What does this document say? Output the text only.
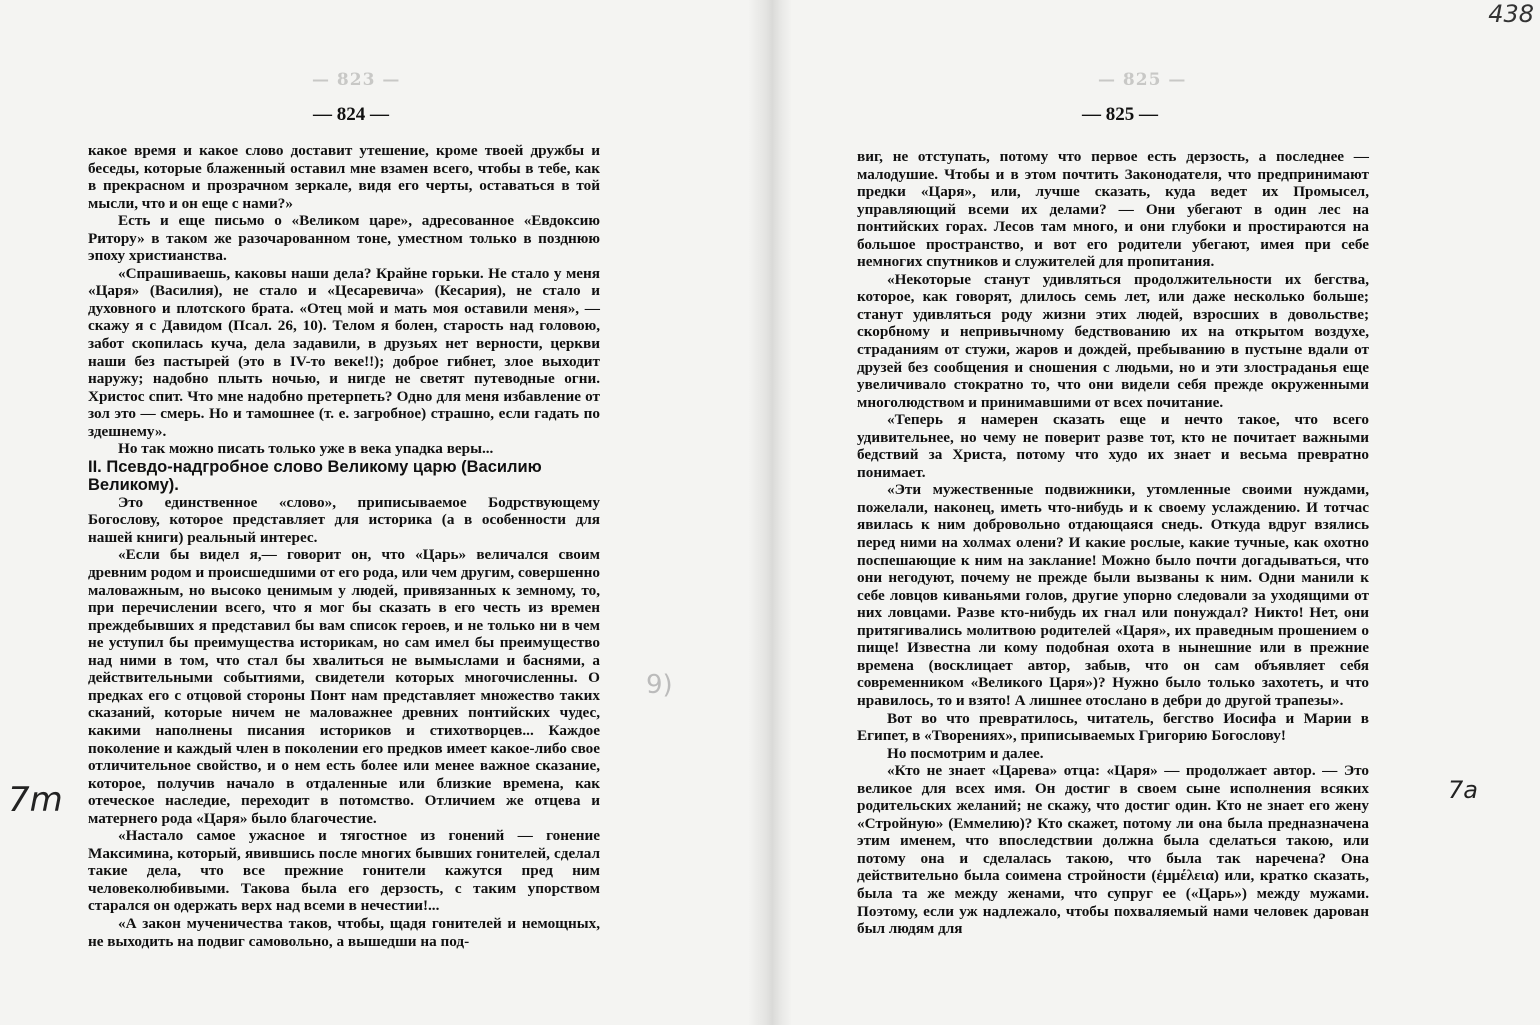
— 823 —
— 824 —

какое время и какое слово доставит утешение, кроме твоей дружбы и беседы, которые блаженный оставил мне взамен всего, чтобы в тебе, как в прекрасном и прозрачном зеркале, видя его черты, оставаться в той мысли, что и он еще с нами?»

Есть и еще письмо о «Великом царе», адресованное «Евдоксию Ритору» в таком же разочарованном тоне, уместном только в позднюю эпоху христианства.

«Спрашиваешь, каковы наши дела? Крайне горьки. Не стало у меня «Царя» (Василия), не стало и «Цесаревича» (Кесария), не стало и духовного и плотского брата. «Отец мой и мать моя оставили меня», — скажу я с Давидом (Псал. 26, 10). Телом я болен, старость над головою, забот скопилась куча, дела задавили, в друзьях нет верности, церкви наши без пастырей (это в IV-то веке!!); доброе гибнет, злое выходит наружу; надобно плыть ночью, и нигде не светят путеводные огни. Христос спит. Что мне надобно претерпеть? Одно для меня избавление от зол это — смерь. Но и тамошнее (т. е. загробное) страшно, если гадать по здешнему».

Но так можно писать только уже в века упадка веры...

II. Псевдо-надгробное слово Великому царю (Василию Великому).

Это единственное «слово», приписываемое Бодрствующему Богослову, которое представляет для историка (а в особенности для нашей книги) реальный интерес.

«Если бы видел я,— говорит он, что «Царь» величался своим древним родом и происшедшими от его рода, или чем другим, совершенно маловажным, но высоко ценимым у людей, привязанных к земному, то, при перечислении всего, что я мог бы сказать в его честь из времен преждебывших я представил бы вам список героев, и не только ни в чем не уступил бы преимущества историкам, но сам имел бы преимущество над ними в том, что стал бы хвалиться не вымыслами и баснями, а действительными событиями, свидетели которых многочисленны. О предках его с отцовой стороны Понт нам представляет множество таких сказаний, которые ничем не маловажнее древних понтийских чудес, какими наполнены писания историков и стихотворцев... Каждое поколение и каждый член в поколении его предков имеет какое-либо свое отличительное свойство, и о нем есть более или менее важное сказание, которое, получив начало в отдаленные или близкие времена, как отеческое наследие, переходит в потомство. Отличием же отцева и матернего рода «Царя» было благочестие.

«Настало самое ужасное и тягостное из гонений — гонение Максимина, который, явившись после многих бывших гонителей, сделал такие дела, что все прежние гонители кажутся пред ним человеколюбивыми. Такова была его дерзость, с таким упорством старался он одержать верх над всеми в нечестии!...

«А закон мученичества таков, чтобы, щадя гонителей и немощных, не выходить на подвиг самовольно, а вышедши на под-

— 825 —
— 825 —

виг, не отступать, потому что первое есть дерзость, а последнее — малодушие. Чтобы и в этом почтить Законодателя, что предпринимают предки «Царя», или, лучше сказать, куда ведет их Промысел, управляющий всеми их делами? — Они убегают в один лес на понтийских горах. Лесов там много, и они глубоки и простираются на большое пространство, и вот его родители убегают, имея при себе немногих спутников и служителей для пропитания.

«Некоторые станут удивляться продолжительности их бегства, которое, как говорят, длилось семь лет, или даже несколько больше; станут удивляться роду жизни этих людей, взросших в довольстве; скорбному и непривычному бедствованию их на открытом воздухе, страданиям от стужи, жаров и дождей, пребыванию в пустыне вдали от друзей без сообщения и сношения с людьми, но и эти злостраданья еще увеличивало стократно то, что они видели себя прежде окруженными многолюдством и принимавшими от всех почитание.

«Теперь я намерен сказать еще и нечто такое, что всего удивительнее, но чему не поверит разве тот, кто не почитает важными бедствий за Христа, потому что худо их знает и весьма превратно понимает.

«Эти мужественные подвижники, утомленные своими нуждами, пожелали, наконец, иметь что-нибудь и к своему услаждению. И тотчас явилась к ним добровольно отдающаяся снедь. Откуда вдруг взялись перед ними на холмах олени? И какие рослые, какие тучные, как охотно поспешающие к ним на заклание! Можно было почти догадываться, что они негодуют, почему не прежде были вызваны к ним. Одни манили к себе ловцов киваньями голов, другие упорно следовали за уходящими от них ловцами. Разве кто-нибудь их гнал или понуждал? Никто! Нет, они притягивались молитвою родителей «Царя», их праведным прошением о пище! Известна ли кому подобная охота в нынешние или в прежние времена (восклицает автор, забыв, что он сам объявляет себя современником «Великого Царя»)? Нужно было только захотеть, и что нравилось, то и взято! А лишнее отослано в дебри до другой трапезы».

Вот во что превратилось, читатель, бегство Иосифа и Марии в Египет, в «Творениях», приписываемых Григорию Богослову!

Но посмотрим и далее.

«Кто не знает «Царева» отца: «Царя» — продолжает автор. — Это великое для всех имя. Он достиг в своем сыне исполнения всяких родительских желаний; не скажу, что достиг один. Кто не знает его жену «Стройную» (Еммелию)? Кто скажет, потому ли она была предназначена этим именем, что впоследствии должна была сделаться такою, или потому она и сделалась такою, что была так наречена? Она действительно была соимена стройности (ἐμμέλεια) или, кратко сказать, была та же между женами, что супруг ее («Царь») между мужами. Поэтому, если уж надлежало, чтобы похваляемый нами человек дарован был людям для

438
9)
7m	7a
